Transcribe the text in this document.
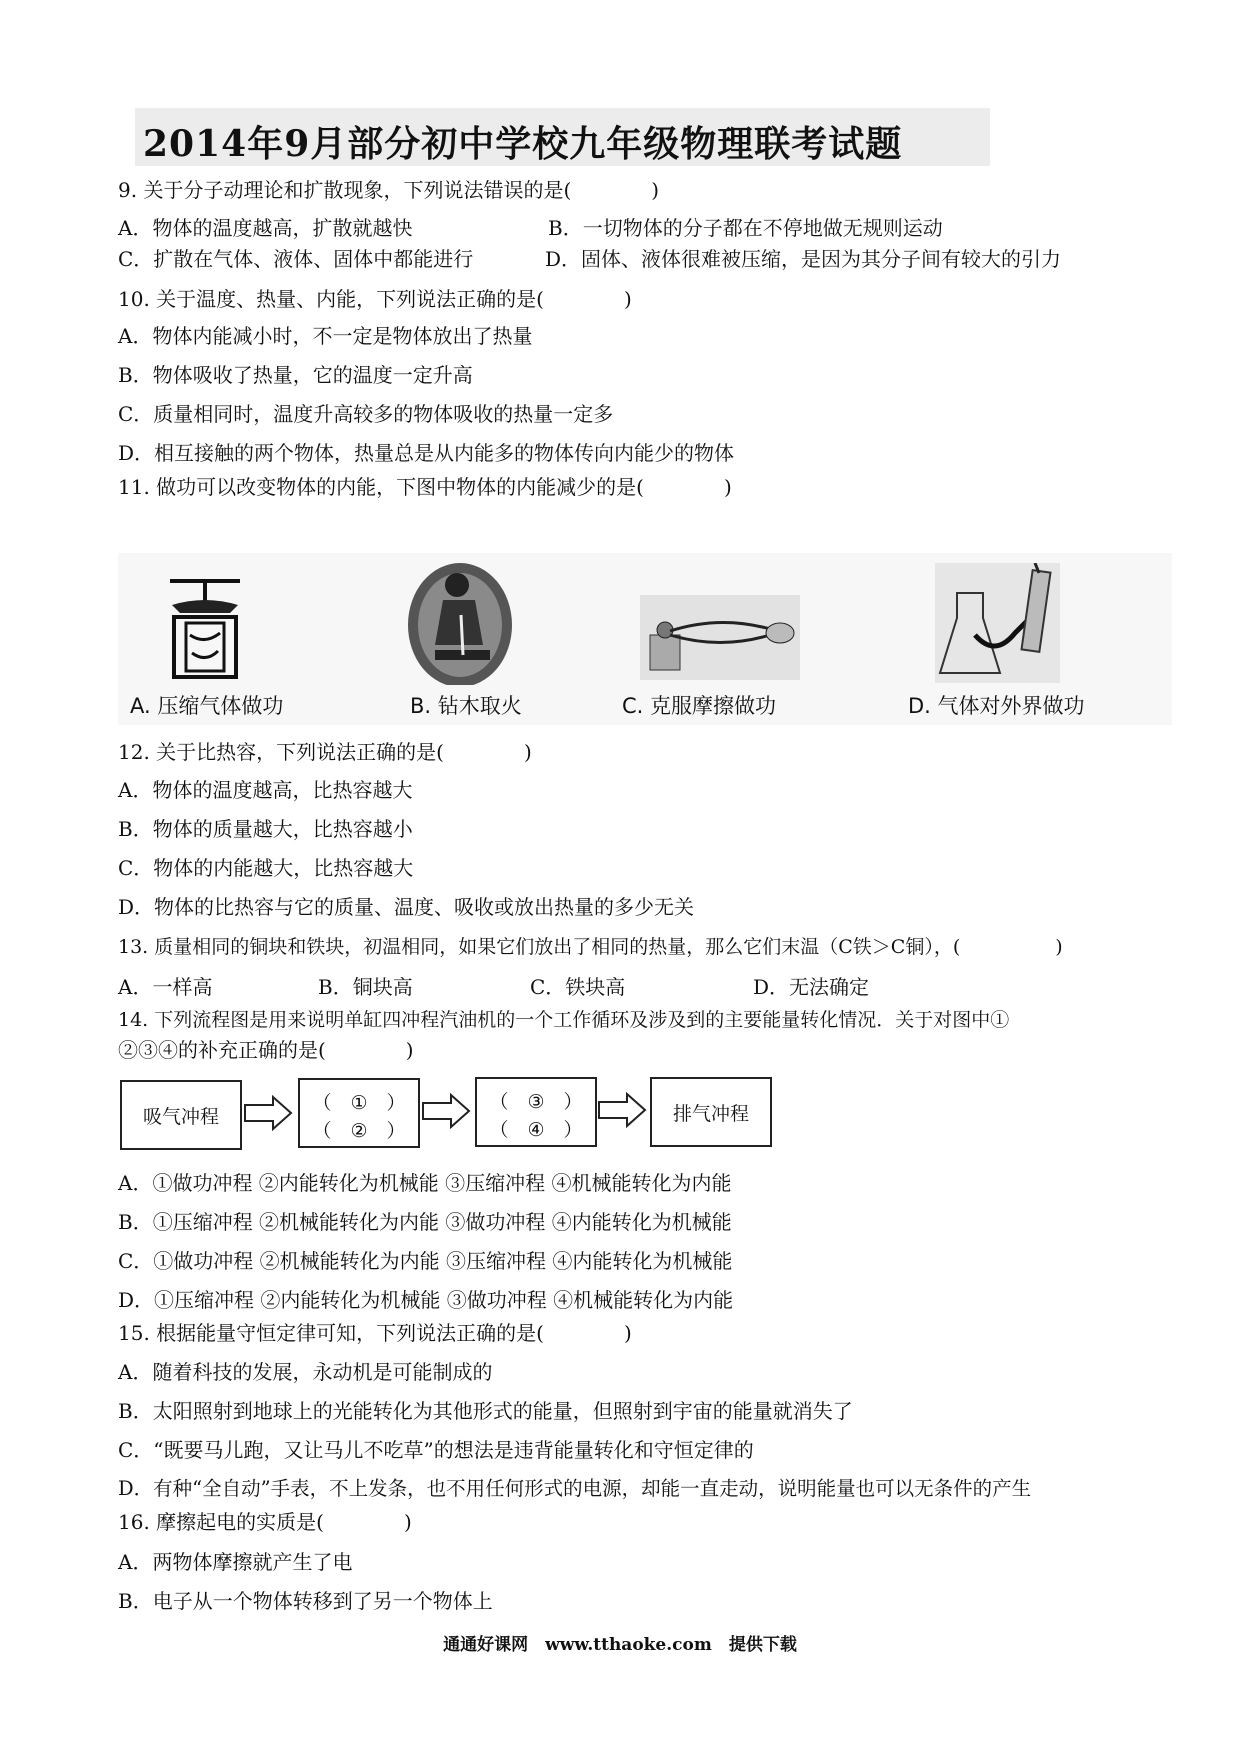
2014年9月部分初中学校九年级物理联考试题
9. 关于分子动理论和扩散现象，下列说法错误的是(　　　　)
A．物体的温度越高，扩散就越快	B．一切物体的分子都在不停地做无规则运动
C．扩散在气体、液体、固体中都能进行	D．固体、液体很难被压缩，是因为其分子间有较大的引力
10. 关于温度、热量、内能，下列说法正确的是(　　　　)
A．物体内能减小时，不一定是物体放出了热量
B．物体吸收了热量，它的温度一定升高
C．质量相同时，温度升高较多的物体吸收的热量一定多
D．相互接触的两个物体，热量总是从内能多的物体传向内能少的物体
11. 做功可以改变物体的内能，下图中物体的内能减少的是(　　　　)
A. 压缩气体做功	B. 钻木取火	C. 克服摩擦做功	D. 气体对外界做功
12. 关于比热容，下列说法正确的是(　　　　)
A．物体的温度越高，比热容越大
B．物体的质量越大，比热容越小
C．物体的内能越大，比热容越大
D．物体的比热容与它的质量、温度、吸收或放出热量的多少无关
13. 质量相同的铜块和铁块，初温相同，如果它们放出了相同的热量，那么它们末温（C铁＞C铜），(　　　　　)
A．一样高	B．铜块高	C．铁块高	D．无法确定
14. 下列流程图是用来说明单缸四冲程汽油机的一个工作循环及涉及到的主要能量转化情况．关于对图中①
②③④的补充正确的是(　　　　)
吸气冲程
（　①　）
（　②　）
（　③　）
（　④　）
排气冲程
A．①做功冲程 ②内能转化为机械能 ③压缩冲程 ④机械能转化为内能
B．①压缩冲程 ②机械能转化为内能 ③做功冲程 ④内能转化为机械能
C．①做功冲程 ②机械能转化为内能 ③压缩冲程 ④内能转化为机械能
D．①压缩冲程 ②内能转化为机械能 ③做功冲程 ④机械能转化为内能
15. 根据能量守恒定律可知，下列说法正确的是(　　　　)
A．随着科技的发展，永动机是可能制成的
B．太阳照射到地球上的光能转化为其他形式的能量，但照射到宇宙的能量就消失了
C．“既要马儿跑，又让马儿不吃草”的想法是违背能量转化和守恒定律的
D．有种“全自动”手表，不上发条，也不用任何形式的电源，却能一直走动，说明能量也可以无条件的产生
16. 摩擦起电的实质是(　　　　)
A．两物体摩擦就产生了电
B．电子从一个物体转移到了另一个物体上
通通好课网　www.tthaoke.com　提供下载
